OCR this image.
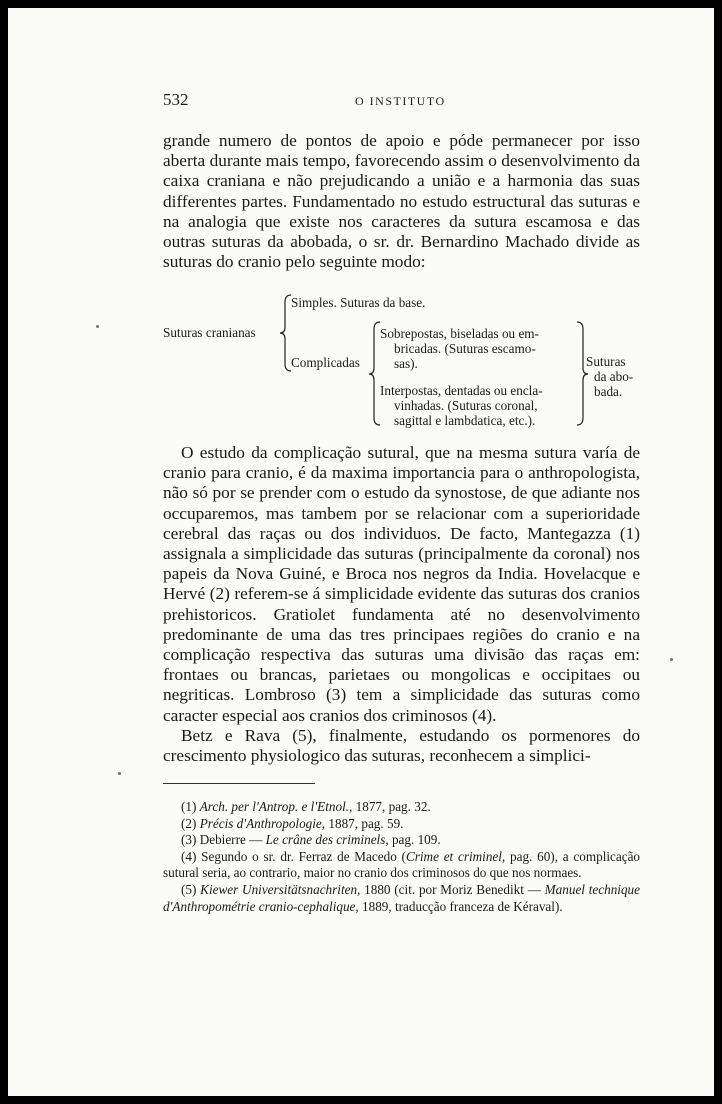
532	O INSTITUTO

grande numero de pontos de apoio e póde permanecer por isso aberta durante mais tempo, favorecendo assim o desenvolvimento da caixa craniana e não prejudicando a união e a harmonia das suas differentes partes. Fundamentado no estudo estructural das suturas e na analogia que existe nos caracteres da sutura escamosa e das outras suturas da abobada, o sr. dr. Bernardino Machado divide as suturas do cranio pelo seguinte modo:

Suturas cranianas
Simples. Suturas da base.
Complicadas
Sobrepostas, biseladas ou em-
bricadas. (Suturas escamo-
sas).
Interpostas, dentadas ou encla-
vinhadas. (Suturas coronal,
sagittal e lambdatica, etc.).
Suturas
da abo-
bada.

O estudo da complicação sutural, que na mesma sutura varía de cranio para cranio, é da maxima importancia para o anthropologista, não só por se prender com o estudo da synostose, de que adiante nos occuparemos, mas tambem por se relacionar com a superioridade cerebral das raças ou dos individuos. De facto, Mantegazza (1) assignala a simplicidade das suturas (principalmente da coronal) nos papeis da Nova Guiné, e Broca nos negros da India. Hovelacque e Hervé (2) referem-se á simplicidade evidente das suturas dos cranios prehistoricos. Gratiolet fundamenta até no desenvolvimento predominante de uma das tres principaes regiões do cranio e na complicação respectiva das suturas uma divisão das raças em: frontaes ou brancas, parietaes ou mongolicas e occipitaes ou negriticas. Lombroso (3) tem a simplicidade das suturas como caracter especial aos cranios dos criminosos (4).

Betz e Rava (5), finalmente, estudando os pormenores do crescimento physiologico das suturas, reconhecem a simplici-

(1) Arch. per l'Antrop. e l'Etnol., 1877, pag. 32.

(2) Précis d'Anthropologie, 1887, pag. 59.

(3) Debierre — Le crâne des criminels, pag. 109.

(4) Segundo o sr. dr. Ferraz de Macedo (Crime et criminel, pag. 60), a complicação sutural seria, ao contrario, maior no cranio dos criminosos do que nos normaes.

(5) Kiewer Universitätsnachriten, 1880 (cit. por Moriz Benedikt — Manuel technique d'Anthropométrie cranio-cephalique, 1889, traducção franceza de Kéraval).
